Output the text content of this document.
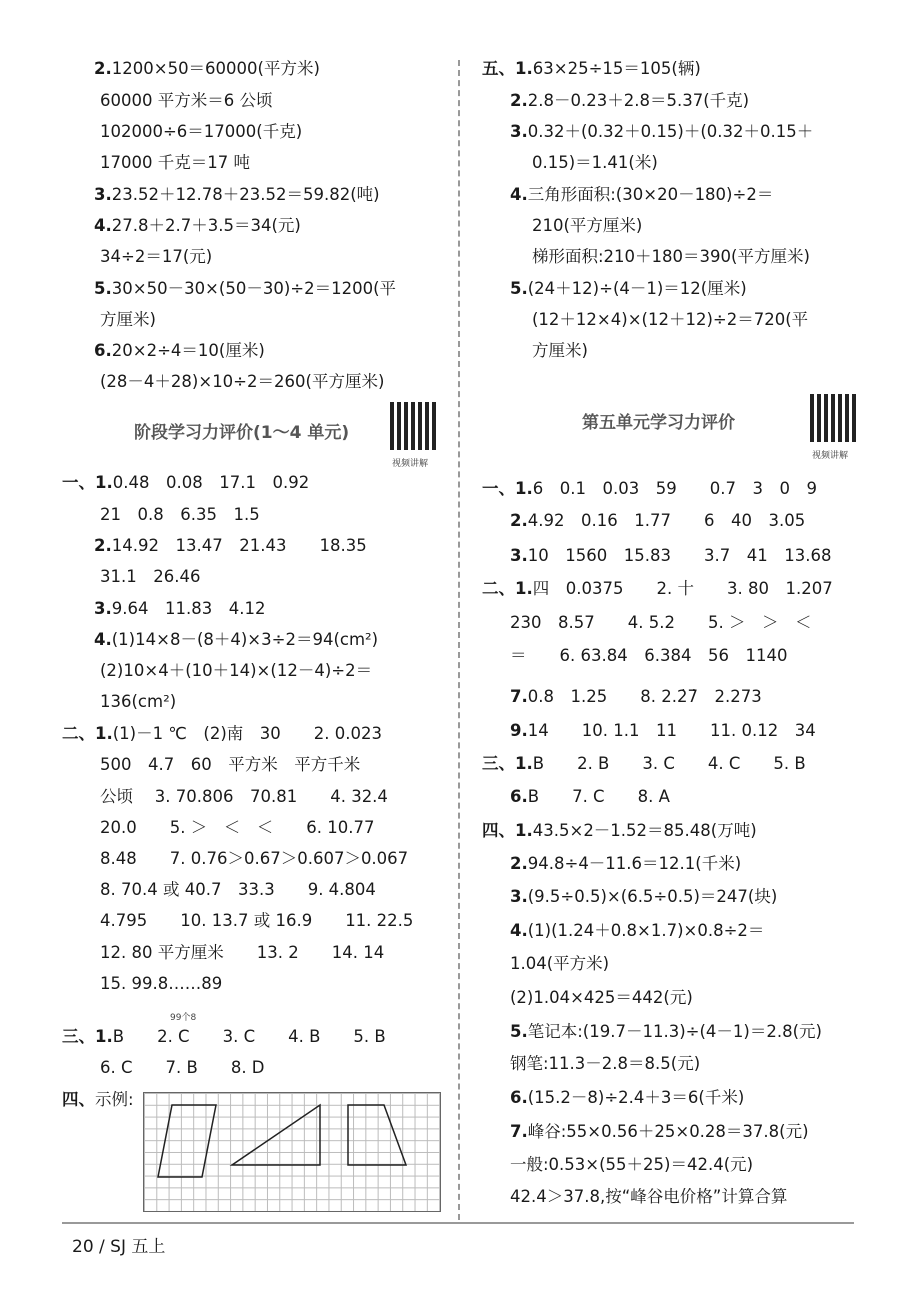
2.1200×50＝60000(平方米)
60000 平方米＝6 公顷
102000÷6＝17000(千克)
17000 千克＝17 吨
3.23.52＋12.78＋23.52＝59.82(吨)
4.27.8＋2.7＋3.5＝34(元)
34÷2＝17(元)
5.30×50－30×(50－30)÷2＝1200(平
方厘米)
6.20×2÷4＝10(厘米)
(28－4＋28)×10÷2＝260(平方厘米)
阶段学习力评价(1～4 单元)
视频讲解
一、1.0.48　0.08　17.1　0.92
21　0.8　6.35　1.5
2.14.92　13.47　21.43　　18.35
31.1　26.46
3.9.64　11.83　4.12
4.(1)14×8－(8＋4)×3÷2＝94(cm²)
(2)10×4＋(10＋14)×(12－4)÷2＝
136(cm²)
二、1.(1)－1 ℃　(2)南　30　　2. 0.023
500　4.7　60　平方米　平方千米
公顷　 3. 70.806　70.81　　4. 32.4
20.0　　5. ＞　＜　＜　　6. 10.77
8.48　　7. 0.76＞0.67＞0.607＞0.067
8. 70.4 或 40.7　33.3　　9. 4.804
4.795　　10. 13.7 或 16.9　　11. 22.5
12. 80 平方厘米　　13. 2　　14. 14
15. 99.8……89
三、1.B　　2. C　　3. C　　4. B　　5. B
6. C　　7. B　　8. D
四、示例:
99个8
五、1.63×25÷15＝105(辆)
2.2.8－0.23＋2.8＝5.37(千克)
3.0.32＋(0.32＋0.15)＋(0.32＋0.15＋
0.15)＝1.41(米)
4.三角形面积:(30×20－180)÷2＝
210(平方厘米)
梯形面积:210＋180＝390(平方厘米)
5.(24＋12)÷(4－1)＝12(厘米)
(12＋12×4)×(12＋12)÷2＝720(平
方厘米)
第五单元学习力评价
视频讲解
一、1.6　0.1　0.03　59　　0.7　3　0　9
2.4.92　0.16　1.77　　6　40　3.05
3.10　1560　15.83　　3.7　41　13.68
二、1.四　0.0375　　2. 十　　3. 80　1.207
230　8.57　　4. 5.2　　5. ＞　＞　＜
＝　　6. 63.84　6.384　56　1140
7.0.8　1.25　　8. 2.2̇7̇　2.273
9.14　　10. 1.1　11　　11. 0.12　34
三、1.B　　2. B　　3. C　　4. C　　5. B
6.B　　7. C　　8. A
四、1.43.5×2－1.52＝85.48(万吨)
2.94.8÷4－11.6＝12.1(千米)
3.(9.5÷0.5)×(6.5÷0.5)＝247(块)
4.(1)(1.24＋0.8×1.7)×0.8÷2＝
1.04(平方米)
(2)1.04×425＝442(元)
5.笔记本:(19.7－11.3)÷(4－1)＝2.8(元)
钢笔:11.3－2.8＝8.5(元)
6.(15.2－8)÷2.4＋3＝6(千米)
7.峰谷:55×0.56＋25×0.28＝37.8(元)
一般:0.53×(55＋25)＝42.4(元)
42.4＞37.8,按“峰谷电价格”计算合算
20 / SJ 五上
